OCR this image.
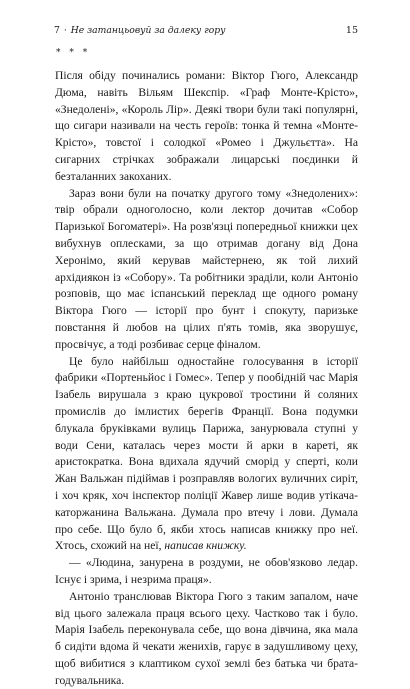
7 · Не затанцьовуй за далеку гору	15
* * *

Після обіду починались романи: Віктор Гюго, Александр Дюма, навіть Вільям Шекспір. «Граф Монте-Крісто», «Знедолені», «Король Лір». Деякі твори були такі популярні, що сигари називали на честь героїв: тонка й темна «Монте-Крісто», товстої і солодкої «Ромео і Джульєтта». На сигарних стрічках зображали лицарські поєдинки й безталанних закоханих.

Зараз вони були на початку другого тому «Знедолених»: твір обрали одноголосно, коли лектор дочитав «Собор Паризької Богоматері». На розв'язці попередньої книжки цех вибухнув оплесками, за що отримав догану від Дона Херонімо, який керував майстернею, як той лихий архідиякон із «Собору». Та робітники зраділи, коли Антоніо розповів, що має іспанський переклад ще одного роману Віктора Гюго — історії про бунт і спокуту, паризьке повстання й любов на цілих п'ять томів, яка зворушує, просвічує, а тоді розбиває серце фіналом.

Це було найбільш одностайне голосування в історії фабрики «Портеньйос і Гомес». Тепер у пообідній час Марія Ізабель вирушала з краю цукрової тростини й соляних промислів до імлистих берегів Франції. Вона подумки блукала бруківками вулиць Парижа, занурювала ступні у води Сени, каталась через мости й арки в кареті, як аристократка. Вона вдихала ядучий сморід у сперті, коли Жан Вальжан підіймав і розправляв вологих вуличних сиріт, і хоч кряк, хоч інспектор поліції Жавер лише водив утікача-каторжанина Вальжана. Думала про втечу і лови. Думала про себе. Що було б, якби хтось написав книжку про неї. Хтось, схожий на неї, написав книжку.

— «Людина, занурена в роздуми, не обов'язково ледар. Існує і зрима, і незрима праця».

Антоніо транслював Віктора Гюго з таким запалом, наче від цього залежала праця всього цеху. Частково так і було. Марія Ізабель переконувала себе, що вона дівчина, яка мала б сидіти вдома й чекати женихів, гарує в задушливому цеху, щоб вибитися з клаптиком сухої землі без батька чи брата-годувальника.
